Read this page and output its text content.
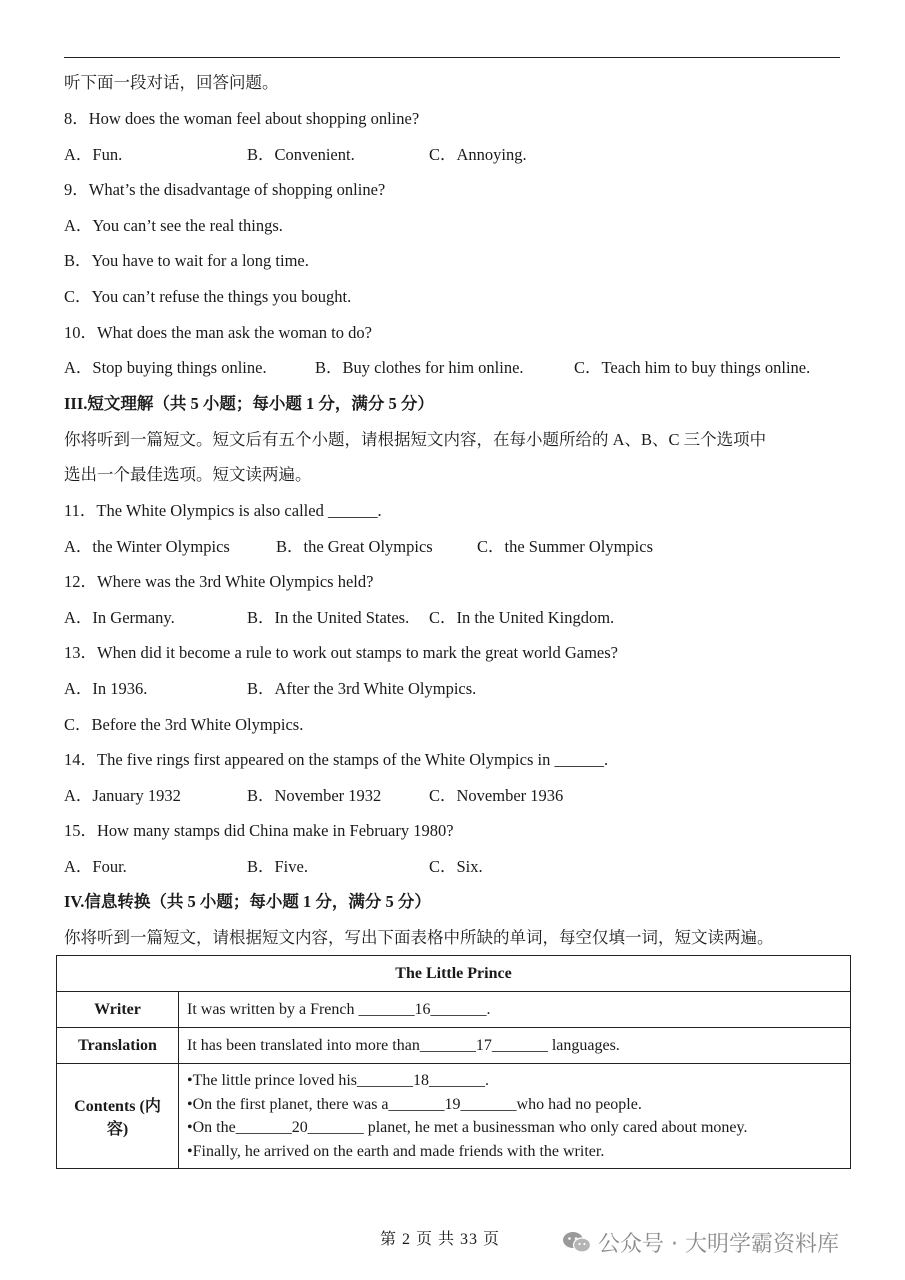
听下面一段对话，回答问题。
8．How does the woman feel about shopping online?
A．Fun.	B．Convenient.	C．Annoying.
9．What’s the disadvantage of shopping online?
A．You can’t see the real things.
B．You have to wait for a long time.
C．You can’t refuse the things you bought.
10．What does the man ask the woman to do?
A．Stop buying things online.	B．Buy clothes for him online.	C．Teach him to buy things online.
III.短文理解（共 5 小题；每小题 1 分，满分 5 分）
你将听到一篇短文。短文后有五个小题，请根据短文内容，在每小题所给的 A、B、C 三个选项中
选出一个最佳选项。短文读两遍。
11．The White Olympics is also called ______.
A．the Winter Olympics	B．the Great Olympics	C．the Summer Olympics
12．Where was the 3rd White Olympics held?
A．In Germany.	B．In the United States. C．In the United Kingdom.
13．When did it become a rule to work out stamps to mark the great world Games?
A．In 1936.	B．After the 3rd White Olympics.
C．Before the 3rd White Olympics.
14．The five rings first appeared on the stamps of the White Olympics in ______.
A．January 1932	B．November 1932	C．November 1936
15．How many stamps did China make in February 1980?
A．Four.	B．Five.	C．Six.
IV.信息转换（共 5 小题；每小题 1 分，满分 5 分）
你将听到一篇短文，请根据短文内容，写出下面表格中所缺的单词，每空仅填一词，短文读两遍。
The Little Prince	
Writer	It was written by a French _______16_______.
Translation	It has been translated into more than_______17_______ languages.
Contents (内容)	•The little prince loved his_______18_______.
•On the first planet, there was a_______19_______who had no people.
•On the_______20_______ planet, he met a businessman who only cared about money.
•Finally, he arrived on the earth and made friends with the writer.
第 2 页 共 33 页	公众号 · 大明学霸资料库
